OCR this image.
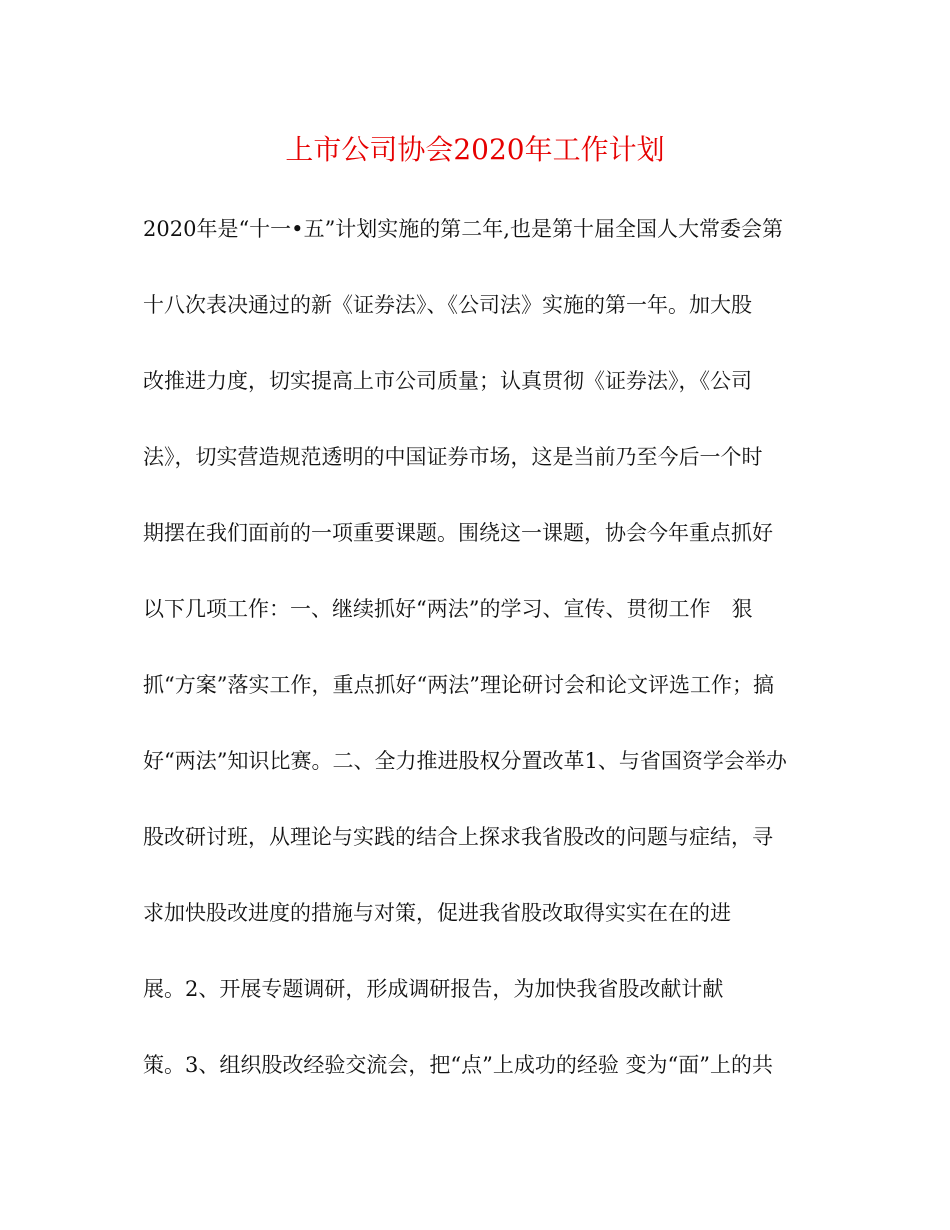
上市公司协会2020年工作计划
2020年是“十一•五”计划实施的第二年,也是第十届全国人大常委会第
十八次表决通过的新《证券法》、《公司法》实施的第一年。加大股
改推进力度，切实提高上市公司质量；认真贯彻《证券法》，《公司
法》，切实营造规范透明的中国证券市场，这是当前乃至今后一个时
期摆在我们面前的一项重要课题。围绕这一课题，协会今年重点抓好
以下几项工作：一、继续抓好“两法”的学习、宣传、贯彻工作　狠
抓“方案”落实工作，重点抓好“两法”理论研讨会和论文评选工作；搞
好“两法”知识比赛。二、全力推进股权分置改革1、与省国资学会举办
股改研讨班，从理论与实践的结合上探求我省股改的问题与症结，寻
求加快股改进度的措施与对策，促进我省股改取得实实在在的进
展。2、开展专题调研，形成调研报告，为加快我省股改献计献
策。3、组织股改经验交流会，把“点”上成功的经验 变为“面”上的共
